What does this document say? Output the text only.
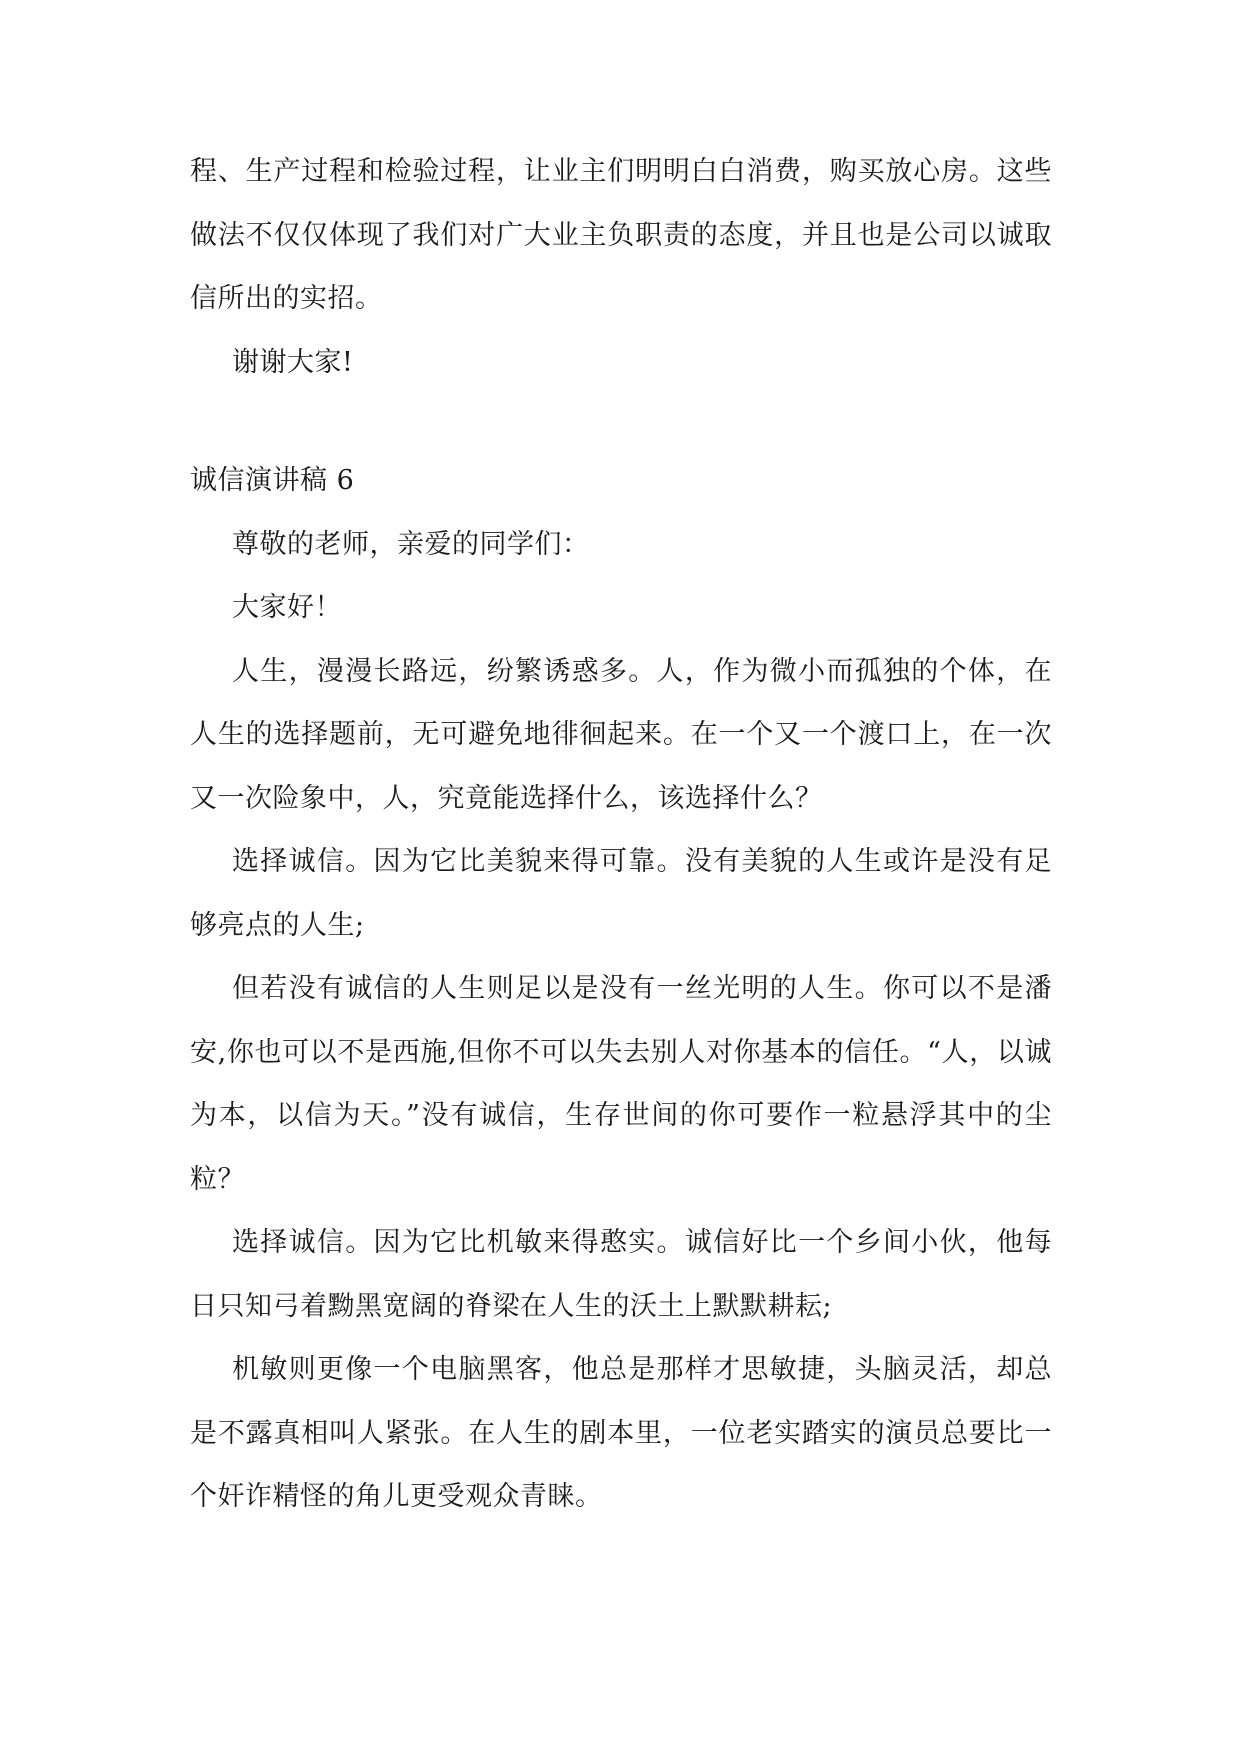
程、生产过程和检验过程，让业主们明明白白消费，购买放心房。这些做法不仅仅体现了我们对广大业主负职责的态度，并且也是公司以诚取信所出的实招。

谢谢大家!

诚信演讲稿 6

尊敬的老师，亲爱的同学们：

大家好！

人生，漫漫长路远，纷繁诱惑多。人，作为微小而孤独的个体，在人生的选择题前，无可避免地徘徊起来。在一个又一个渡口上，在一次又一次险象中，人，究竟能选择什么，该选择什么？

选择诚信。因为它比美貌来得可靠。没有美貌的人生或许是没有足够亮点的人生;

但若没有诚信的人生则足以是没有一丝光明的人生。你可以不是潘安,你也可以不是西施,但你不可以失去别人对你基本的信任。“人，以诚为本，以信为天。”没有诚信，生存世间的你可要作一粒悬浮其中的尘粒？

选择诚信。因为它比机敏来得憨实。诚信好比一个乡间小伙，他每日只知弓着黝黑宽阔的脊梁在人生的沃土上默默耕耘;

机敏则更像一个电脑黑客，他总是那样才思敏捷，头脑灵活，却总是不露真相叫人紧张。在人生的剧本里，一位老实踏实的演员总要比一个奸诈精怪的角儿更受观众青睐。
